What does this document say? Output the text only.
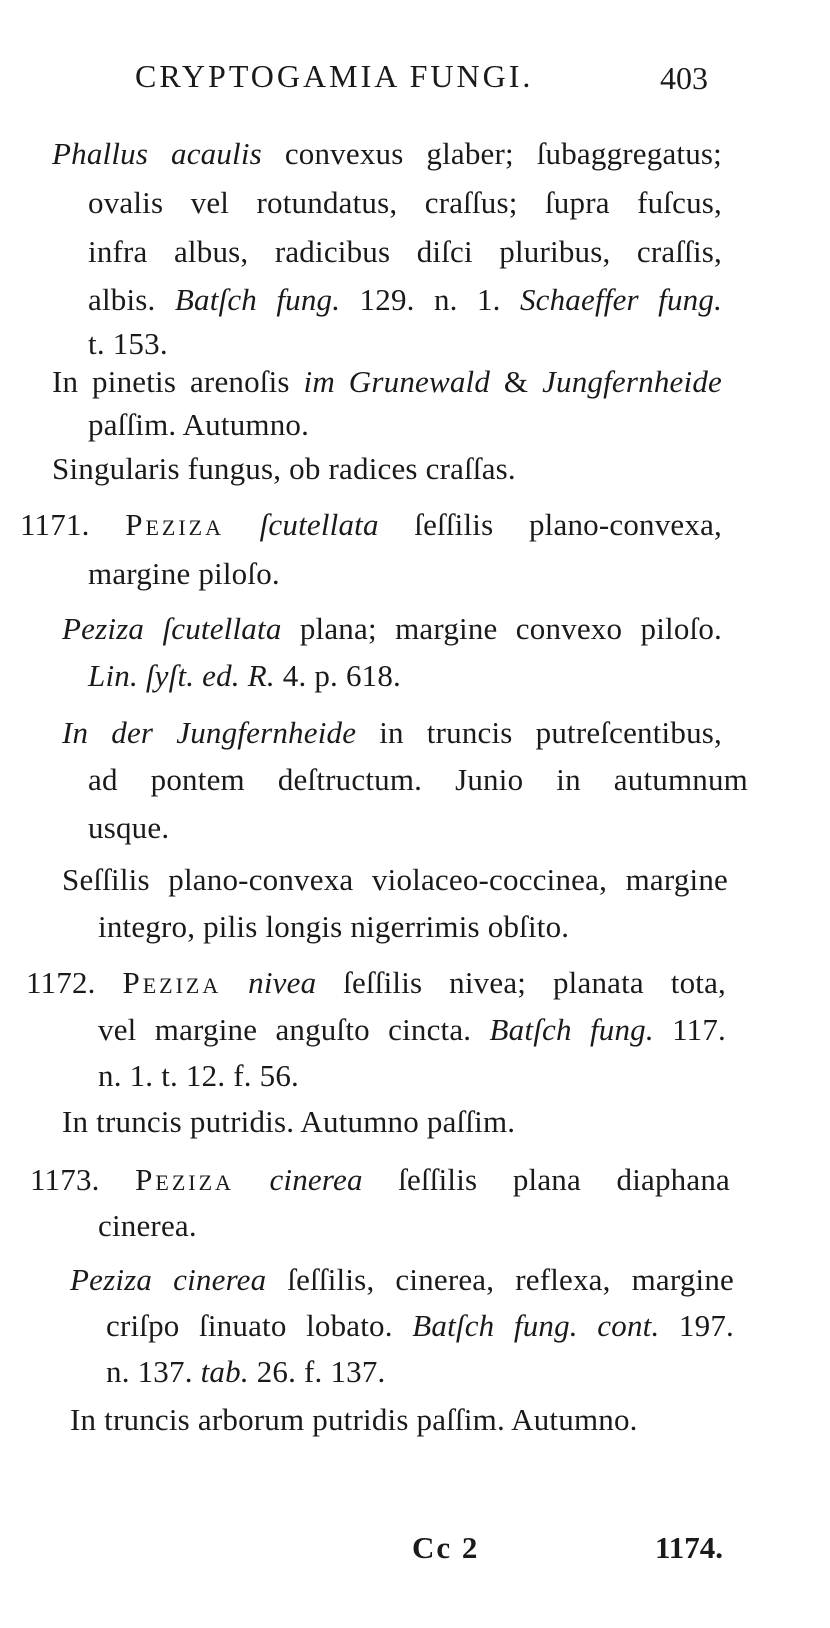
CRYPTOGAMIA FUNGI.	403
Phallus acaulis convexus glaber; ſubaggregatus;
ovalis vel rotundatus, craſſus; ſupra fuſcus,
infra albus, radicibus diſci pluribus, craſſis,
albis. Batſch fung. 129. n. 1. Schaeffer fung.
t. 153.
In pinetis arenoſis im Grunewald & Jungfernheide
paſſim. Autumno.
Singularis fungus, ob radices craſſas.
1171. Peziza ſcutellata ſeſſilis plano-convexa,
margine piloſo.
Peziza ſcutellata plana; margine convexo piloſo.
Lin. ſyſt. ed. R. 4. p. 618.
In der Jungfernheide in truncis putreſcentibus,
ad pontem deſtructum. Junio in autumnum
usque.
Seſſilis plano-convexa violaceo-coccinea, margine
integro, pilis longis nigerrimis obſito.
1172. Peziza nivea ſeſſilis nivea; planata tota,
vel margine anguſto cincta. Batſch fung. 117.
n. 1. t. 12. f. 56.
In truncis putridis. Autumno paſſim.
1173. Peziza cinerea ſeſſilis plana diaphana
cinerea.
Peziza cinerea ſeſſilis, cinerea, reflexa, margine
criſpo ſinuato lobato. Batſch fung. cont. 197.
n. 137. tab. 26. f. 137.
In truncis arborum putridis paſſim. Autumno.
Cc 2	1174.
